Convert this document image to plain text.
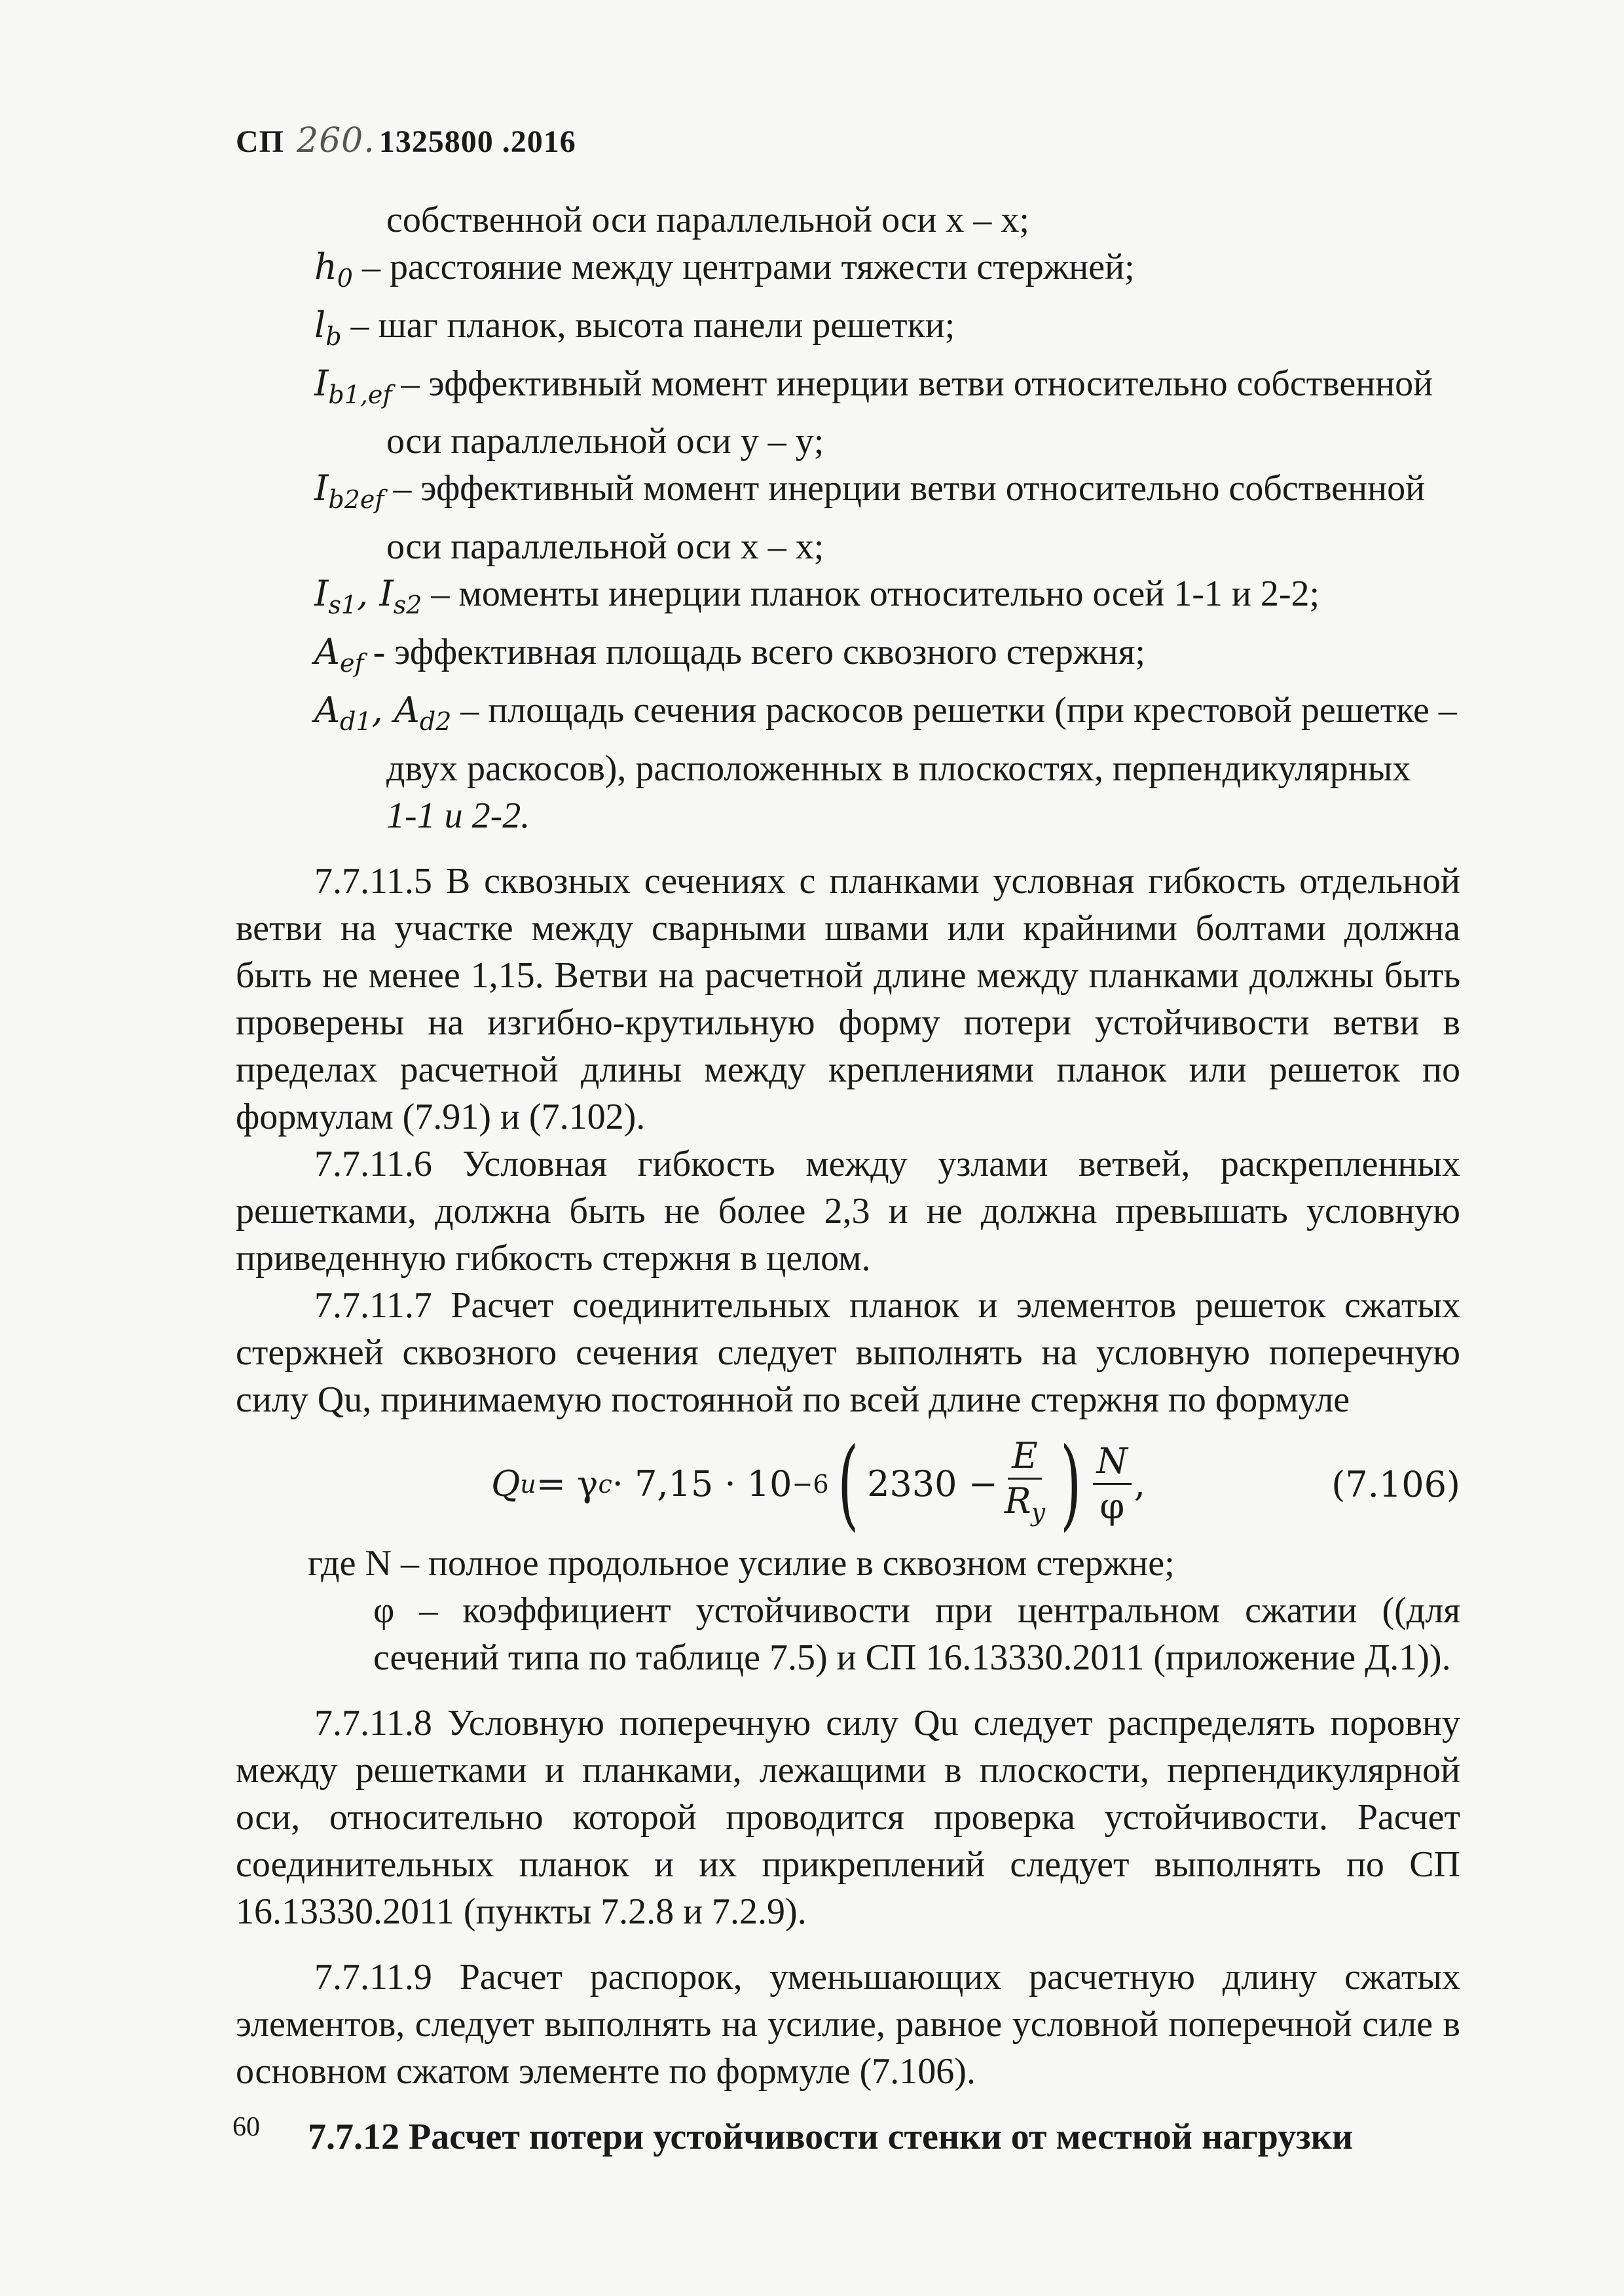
СП 260. 1325800 .2016

собственной оси параллельной оси x – x;

$h_0$ – расстояние между центрами тяжести стержней;

$l_b$ – шаг планок, высота панели решетки;

$I_{b1,ef}$ – эффективный момент инерции ветви относительно собственной

оси параллельной оси y – y;

$I_{b2ef}$ – эффективный момент инерции ветви относительно собственной

оси параллельной оси x – x;

$I_{s1}$, $I_{s2}$ – моменты инерции планок относительно осей 1-1 и 2-2;

$A_{ef}$ - эффективная площадь всего сквозного стержня;

$A_{d1}$, $A_{d2}$ – площадь сечения раскосов решетки (при крестовой решетке –

двух раскосов), расположенных в плоскостях, перпендикулярных

1-1 и 2-2.

7.7.11.5 В сквозных сечениях с планками условная гибкость отдельной ветви на участке между сварными швами или крайними болтами должна быть не менее 1,15. Ветви на расчетной длине между планками должны быть проверены на изгибно-крутильную форму потери устойчивости ветви в пределах расчетной длины между креплениями планок или решеток по формулам (7.91) и (7.102).

7.7.11.6 Условная гибкость между узлами ветвей, раскрепленных решетками, должна быть не более 2,3 и не должна превышать условную приведенную гибкость стержня в целом.

7.7.11.7 Расчет соединительных планок и элементов решеток сжатых стержней сквозного сечения следует выполнять на условную поперечную силу Qu, принимаемую постоянной по всей длине стержня по формуле

Q u = γ c · 7,15 · 10 −6 ( $2330 - \frac{E}{R_y}$ ) $\frac{N}{\varphi}$ ,	(7.106)

где N – полное продольное усилие в сквозном стержне;

φ – коэффициент устойчивости при центральном сжатии ((для сечений типа по таблице 7.5) и СП 16.13330.2011 (приложение Д.1)).

7.7.11.8 Условную поперечную силу Qu следует распределять поровну между решетками и планками, лежащими в плоскости, перпендикулярной оси, относительно которой проводится проверка устойчивости. Расчет соединительных планок и их прикреплений следует выполнять по СП 16.13330.2011 (пункты 7.2.8 и 7.2.9).

7.7.11.9 Расчет распорок, уменьшающих расчетную длину сжатых элементов, следует выполнять на усилие, равное условной поперечной силе в основном сжатом элементе по формуле (7.106).

7.7.12 Расчет потери устойчивости стенки от местной нагрузки

60
